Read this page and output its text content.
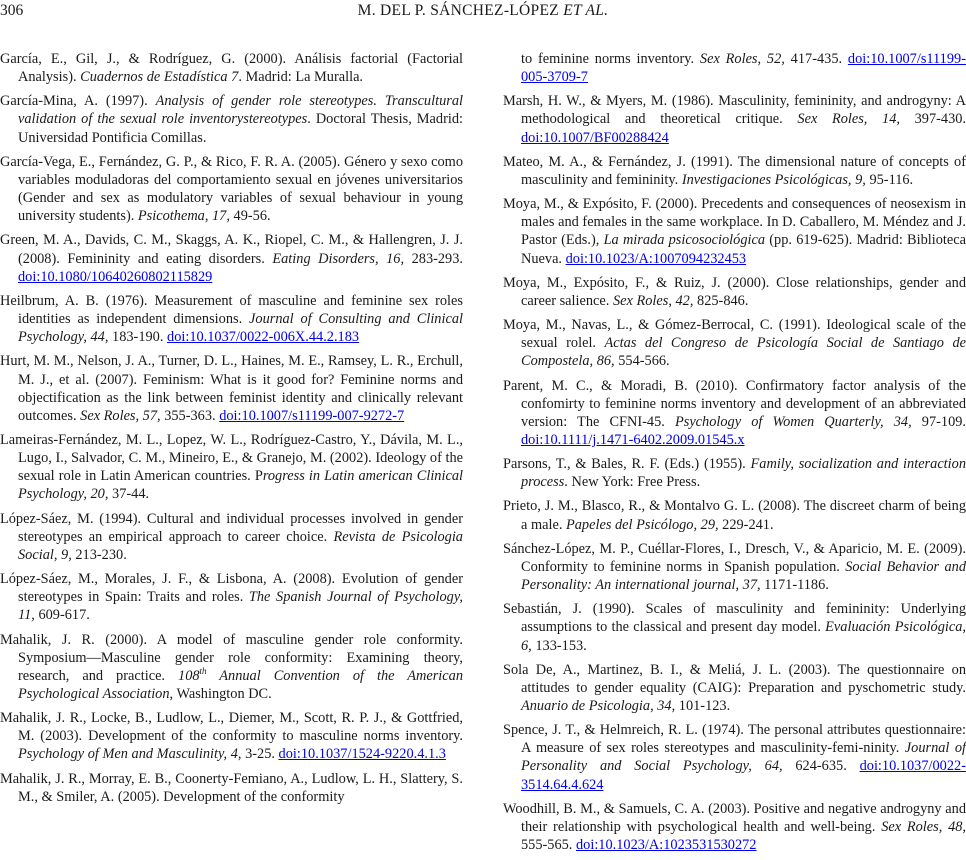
306	M. DEL P. SÁNCHEZ-LÓPEZ ET AL.
García, E., Gil, J., & Rodríguez, G. (2000). Análisis factorial (Factorial Analysis). Cuadernos de Estadística 7. Madrid: La Muralla.
García-Mina, A. (1997). Analysis of gender role stereotypes. Transcultural validation of the sexual role inventorystereotypes. Doctoral Thesis, Madrid: Universidad Pontificia Comillas.
García-Vega, E., Fernández, G. P., & Rico, F. R. A. (2005). Género y sexo como variables moduladoras del comportamiento sexual en jóvenes universitarios (Gender and sex as modulatory variables of sexual behaviour in young university students). Psicothema, 17, 49-56.
Green, M. A., Davids, C. M., Skaggs, A. K., Riopel, C. M., & Hallengren, J. J. (2008). Femininity and eating disorders. Eating Disorders, 16, 283-293. doi:10.1080/10640260802115829
Heilbrum, A. B. (1976). Measurement of masculine and feminine sex roles identities as independent dimensions. Journal of Consulting and Clinical Psychology, 44, 183-190. doi:10.1037/0022-006X.44.2.183
Hurt, M. M., Nelson, J. A., Turner, D. L., Haines, M. E., Ramsey, L. R., Erchull, M. J., et al. (2007). Feminism: What is it good for? Feminine norms and objectification as the link between feminist identity and clinically relevant outcomes. Sex Roles, 57, 355-363. doi:10.1007/s11199-007-9272-7
Lameiras-Fernández, M. L., Lopez, W. L., Rodríguez-Castro, Y., Dávila, M. L., Lugo, I., Salvador, C. M., Mineiro, E., & Granejo, M. (2002). Ideology of the sexual role in Latin American countries. Progress in Latin american Clinical Psychology, 20, 37-44.
López-Sáez, M. (1994). Cultural and individual processes involved in gender stereotypes an empirical approach to career choice. Revista de Psicologia Social, 9, 213-230.
López-Sáez, M., Morales, J. F., & Lisbona, A. (2008). Evolution of gender stereotypes in Spain: Traits and roles. The Spanish Journal of Psychology, 11, 609-617.
Mahalik, J. R. (2000). A model of masculine gender role conformity. Symposium—Masculine gender role conformity: Examining theory, research, and practice. 108th Annual Convention of the American Psychological Association, Washington DC.
Mahalik, J. R., Locke, B., Ludlow, L., Diemer, M., Scott, R. P. J., & Gottfried, M. (2003). Development of the conformity to masculine norms inventory. Psychology of Men and Masculinity, 4, 3-25. doi:10.1037/1524-9220.4.1.3
Mahalik, J. R., Morray, E. B., Coonerty-Femiano, A., Ludlow, L. H., Slattery, S. M., & Smiler, A. (2005). Development of the conformity
to feminine norms inventory. Sex Roles, 52, 417-435. doi:10.1007/s11199-005-3709-7
Marsh, H. W., & Myers, M. (1986). Masculinity, femininity, and androgyny: A methodological and theoretical critique. Sex Roles, 14, 397-430. doi:10.1007/BF00288424
Mateo, M. A., & Fernández, J. (1991). The dimensional nature of concepts of masculinity and femininity. Investigaciones Psicológicas, 9, 95-116.
Moya, M., & Expósito, F. (2000). Precedents and consequences of neosexism in males and females in the same workplace. In D. Caballero, M. Méndez and J. Pastor (Eds.), La mirada psicosociológica (pp. 619-625). Madrid: Biblioteca Nueva. doi:10.1023/A:1007094232453
Moya, M., Expósito, F., & Ruiz, J. (2000). Close relationships, gender and career salience. Sex Roles, 42, 825-846.
Moya, M., Navas, L., & Gómez-Berrocal, C. (1991). Ideological scale of the sexual rolel. Actas del Congreso de Psicología Social de Santiago de Compostela, 86, 554-566.
Parent, M. C., & Moradi, B. (2010). Confirmatory factor analysis of the confomirty to feminine norms inventory and development of an abbreviated version: The CFNI-45. Psychology of Women Quarterly, 34, 97-109. doi:10.1111/j.1471-6402.2009.01545.x
Parsons, T., & Bales, R. F. (Eds.) (1955). Family, socialization and interaction process. New York: Free Press.
Prieto, J. M., Blasco, R., & Montalvo G. L. (2008). The discreet charm of being a male. Papeles del Psicólogo, 29, 229-241.
Sánchez-López, M. P., Cuéllar-Flores, I., Dresch, V., & Aparicio, M. E. (2009). Conformity to feminine norms in Spanish population. Social Behavior and Personality: An international journal, 37, 1171-1186.
Sebastián, J. (1990). Scales of masculinity and femininity: Underlying assumptions to the classical and present day model. Evaluación Psicológica, 6, 133-153.
Sola De, A., Martinez, B. I., & Meliá, J. L. (2003). The questionnaire on attitudes to gender equality (CAIG): Preparation and pyschometric study. Anuario de Psicologia, 34, 101-123.
Spence, J. T., & Helmreich, R. L. (1974). The personal attributes questionnaire: A measure of sex roles stereotypes and masculinity-femi-ninity. Journal of Personality and Social Psychology, 64, 624-635. doi:10.1037/0022-3514.64.4.624
Woodhill, B. M., & Samuels, C. A. (2003). Positive and negative androgyny and their relationship with psychological health and well-being. Sex Roles, 48, 555-565. doi:10.1023/A:1023531530272
